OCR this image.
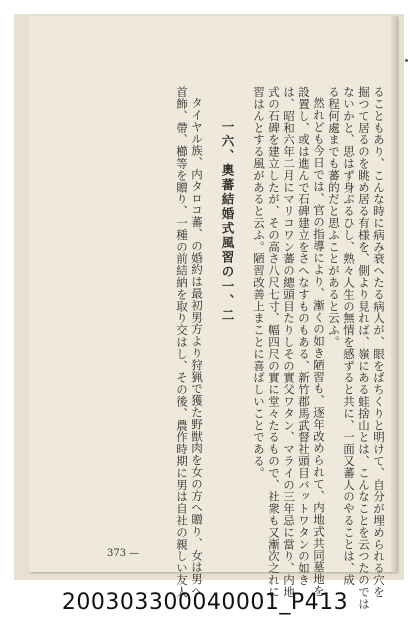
ることもあり、こんな時に病み衰へたる病人が、眼をぱちくりと明けて、自分が埋められる穴を
掘つて居るのを眺め居る有様を、側より見れば、嶺にある蛙捨山とは、こんなことを云つたのでは
ないかと、思はず身ぶるひし、熟々人生の無情を感ずると共に、一面又蕃人のやることは、成
る程何處までも蕃的だと思ふことがあると云ふ。
然れども今日では、官の指導により、漸くの如き陋習も、逐年改められて、内地式共同墓地を
設置し、或は進んで石碑建立をさへなすものもある、新竹郡馬武督社頭目バットワタンの如き
は、昭和六年二月にマリコワン蕃の總頭目たりしその實父ワタン、マライの三年忌に當り、内地
式の石碑を建立したが、その高さ八尺七寸、幅四尺の實に堂々たるもので、社衆も又漸次之れに
習はんとする風があると云ふ。陋習改善上まことに喜ばしいことである。
一六、奧蕃結婚式風習の一、二
タイヤル族、内タロコ蕃、の婚約は最初男方より狩猟で獲た野獣肉を女の方へ贈り、女は男へ
首飾、帶、櫛等を贈り、一種の前結納を取り交はし、その後、農作時期に男は自社の親しい友人
373 —
200303300040001_P413
